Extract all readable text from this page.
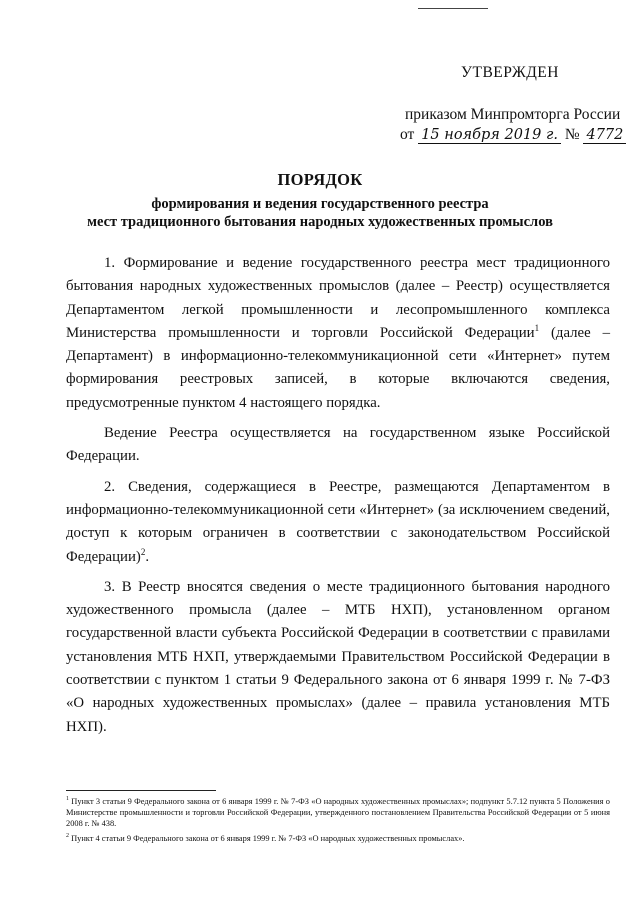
УТВЕРЖДЕН
приказом Минпромторга России
от 15 ноября 2019 г. № 4772
ПОРЯДОК
формирования и ведения государственного реестра
мест традиционного бытования народных художественных промыслов

1. Формирование и ведение государственного реестра мест традиционного бытования народных художественных промыслов (далее – Реестр) осуществляется Департаментом легкой промышленности и лесопромышленного комплекса Министерства промышленности и торговли Российской Федерации$^1$ (далее – Департамент) в информационно-телекоммуникационной сети «Интернет» путем формирования реестровых записей, в которые включаются сведения, предусмотренные пунктом 4 настоящего порядка.

Ведение Реестра осуществляется на государственном языке Российской Федерации.

2. Сведения, содержащиеся в Реестре, размещаются Департаментом в информационно-телекоммуникационной сети «Интернет» (за исключением сведений, доступ к которым ограничен в соответствии с законодательством Российской Федерации)$^2$.

3. В Реестр вносятся сведения о месте традиционного бытования народного художественного промысла (далее – МТБ НХП), установленном органом государственной власти субъекта Российской Федерации в соответствии с правилами установления МТБ НХП, утверждаемыми Правительством Российской Федерации в соответствии с пунктом 1 статьи 9 Федерального закона от 6 января 1999 г. № 7-ФЗ «О народных художественных промыслах» (далее – правила установления МТБ НХП).

$^1$ Пункт 3 статьи 9 Федерального закона от 6 января 1999 г. № 7-ФЗ «О народных художественных промыслах»; подпункт 5.7.12 пункта 5 Положения о Министерстве промышленности и торговли Российской Федерации, утвержденного постановлением Правительства Российской Федерации от 5 июня 2008 г. № 438.

$^2$ Пункт 4 статьи 9 Федерального закона от 6 января 1999 г. № 7-ФЗ «О народных художественных промыслах».
